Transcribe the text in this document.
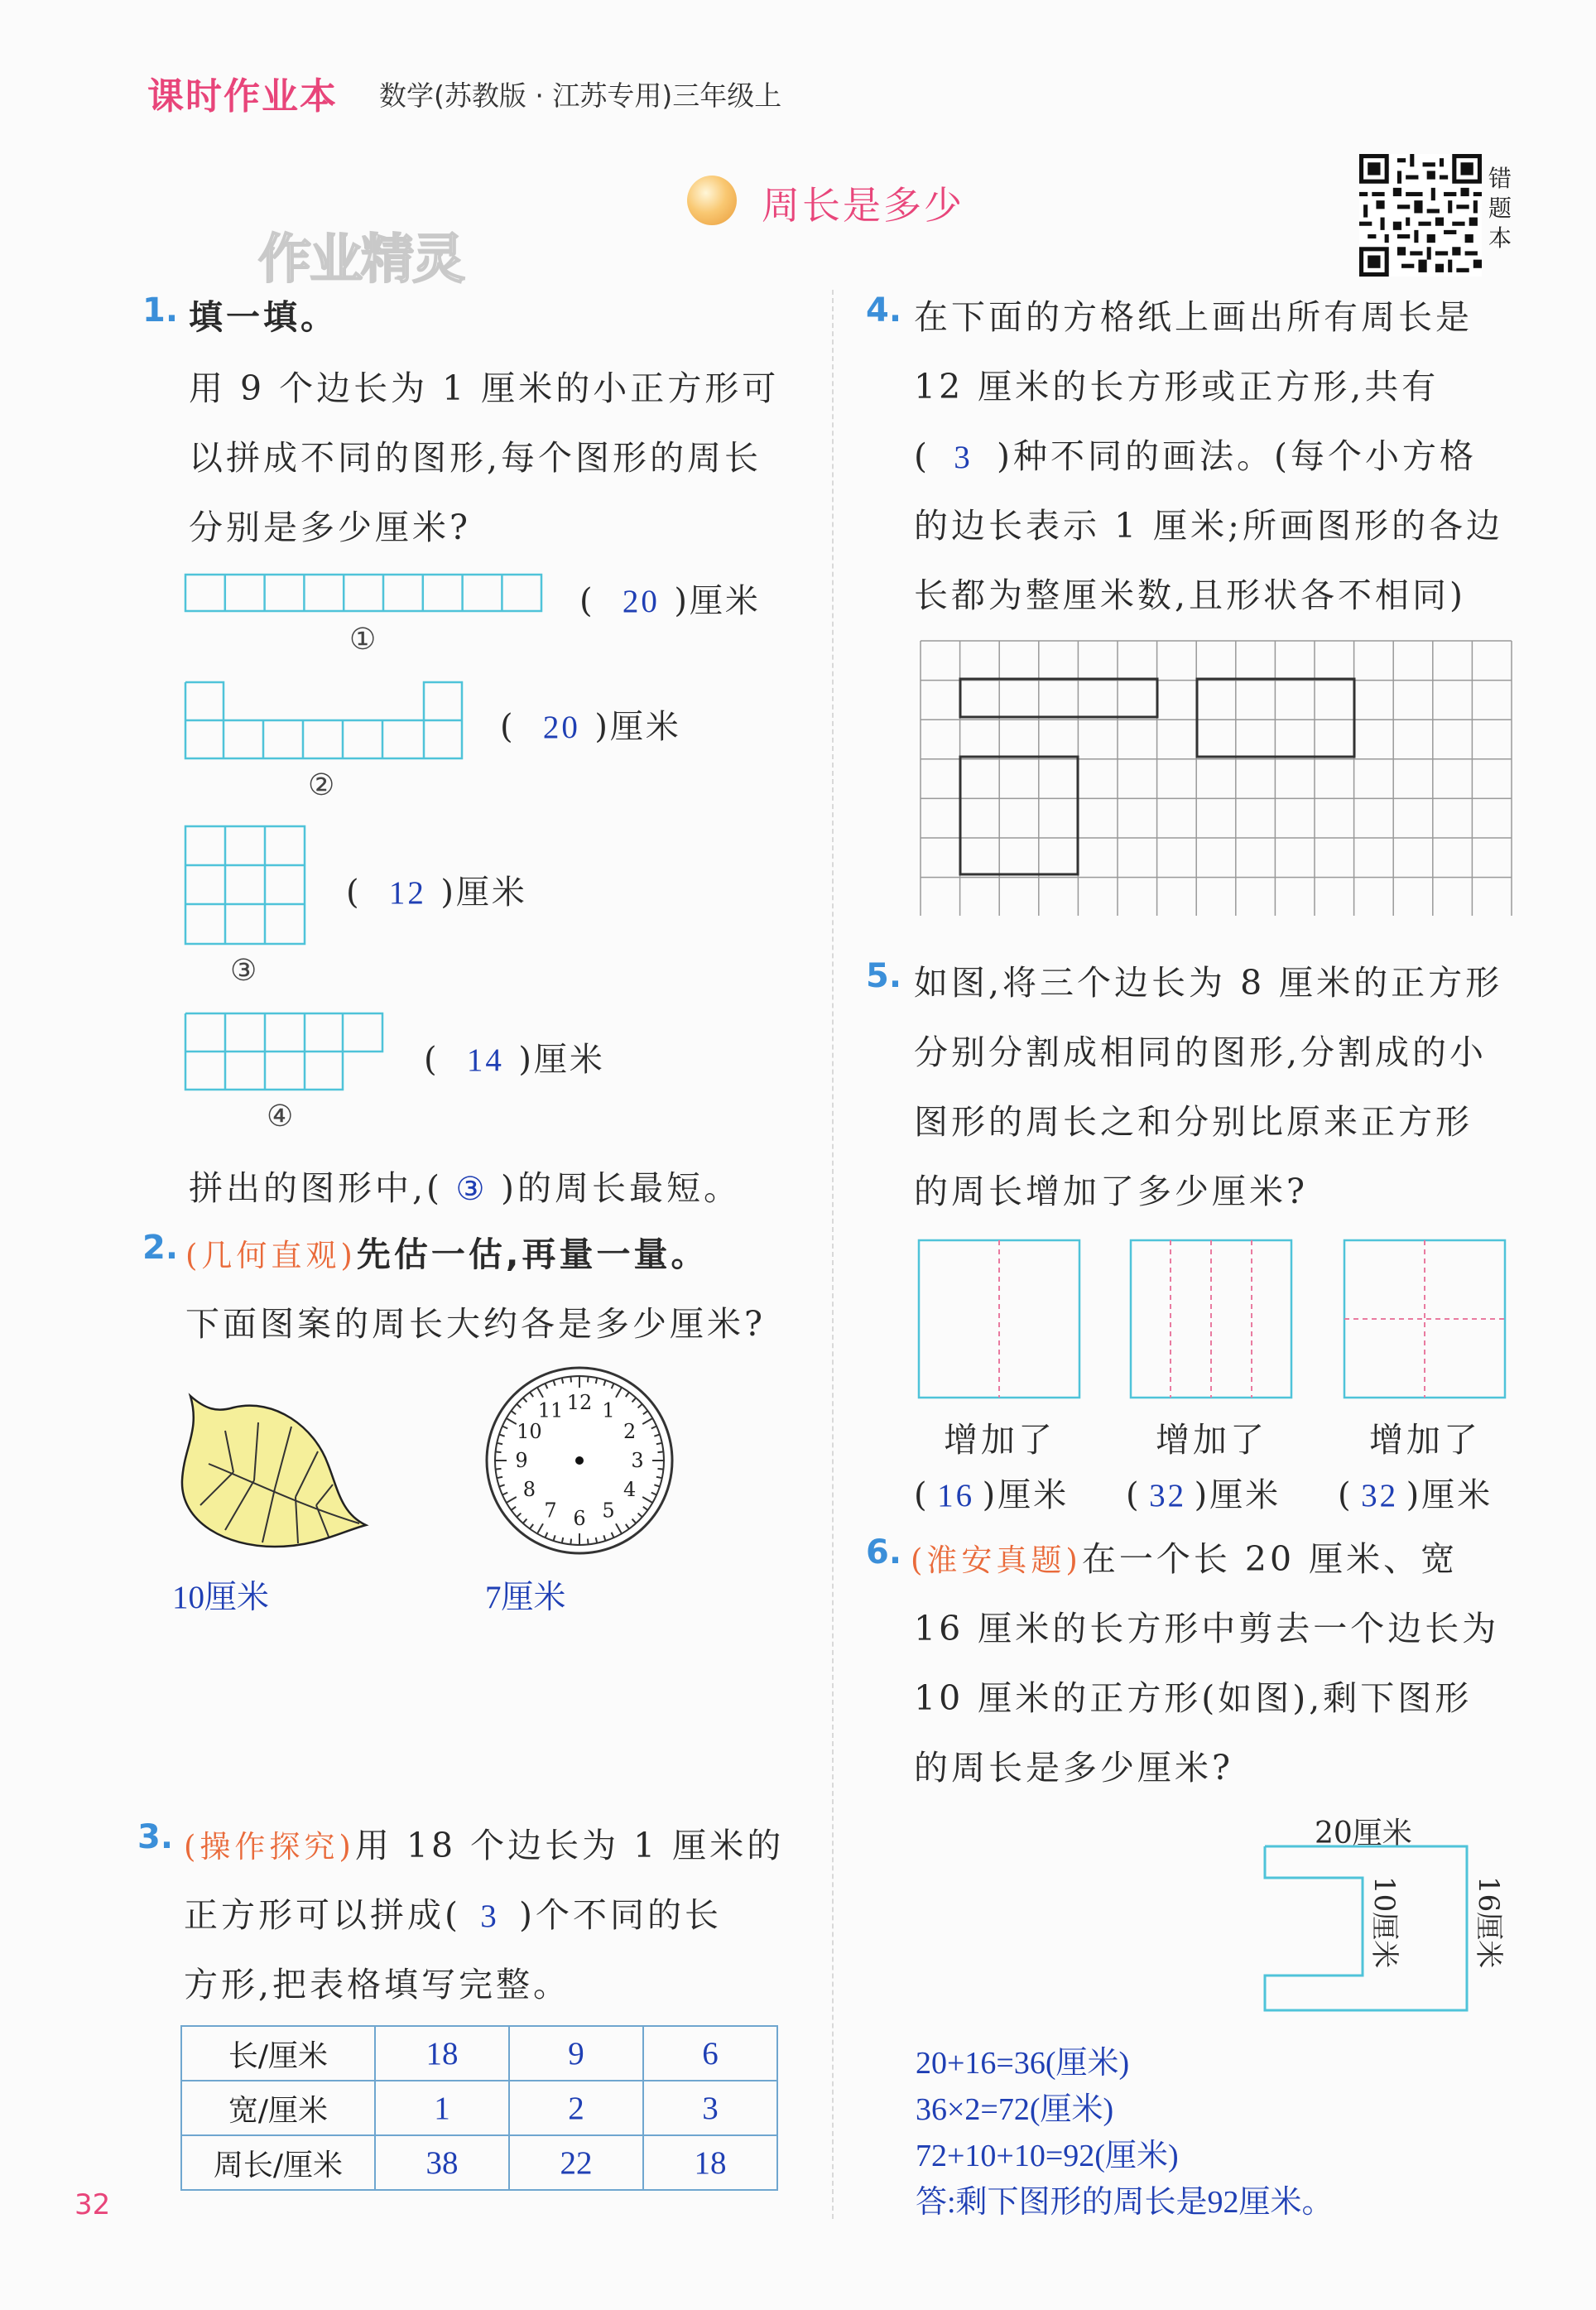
课时作业本 数学(苏教版 · 江苏专用)三年级上
周长是多少
作业精灵
错题本
1. 填一填。
用 9 个边长为 1 厘米的小正方形可
以拼成不同的图形,每个图形的周长
分别是多少厘米?
①
( 20 )厘米
②
( 20 )厘米
③
( 12 )厘米
④
( 14 )厘米
拼出的图形中,( ③ )的周长最短。
2. (几何直观)先估一估,再量一量。
下面图案的周长大约各是多少厘米?
10厘米
12 1
2
3
4
5
6
7
8
9
10
11
7厘米
3. (操作探究)用 18 个边长为 1 厘米的
正方形可以拼成( 3 )个不同的长
方形,把表格填写完整。
长/厘米	18	9	6
宽/厘米	1	2	3
周长/厘米	38	22	18
32
4. 在下面的方格纸上画出所有周长是
12 厘米的长方形或正方形,共有
( 3 )种不同的画法。(每个小方格
的边长表示 1 厘米;所画图形的各边
长都为整厘米数,且形状各不相同)
5. 如图,将三个边长为 8 厘米的正方形
分别分割成相同的图形,分割成的小
图形的周长之和分别比原来正方形
的周长增加了多少厘米?
增加了	增加了	增加了
( 16 )厘米 ( 32 )厘米 ( 32 )厘米
6. (淮安真题)在一个长 20 厘米、宽
16 厘米的长方形中剪去一个边长为
10 厘米的正方形(如图),剩下图形
的周长是多少厘米?
20厘米
10厘米	16厘米
20+16=36(厘米)
36×2=72(厘米)
72+10+10=92(厘米)
答:剩下图形的周长是92厘米。
